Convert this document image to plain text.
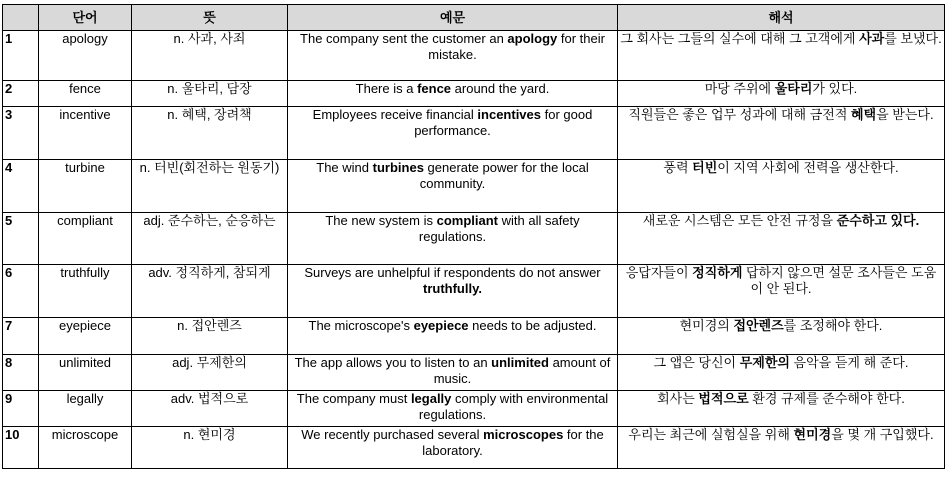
	단어	뜻	예문	해석
1	apology	n. 사과, 사죄	The company sent the customer an apology for their mistake.	그 회사는 그들의 실수에 대해 그 고객에게 사과를 보냈다.
2	fence	n. 울타리, 담장	There is a fence around the yard.	마당 주위에 울타리가 있다.
3	incentive	n. 혜택, 장려책	Employees receive financial incentives for good performance.	직원들은 좋은 업무 성과에 대해 금전적 혜택을 받는다.
4	turbine	n. 터빈(회전하는 원동기)	The wind turbines generate power for the local community.	풍력 터빈이 지역 사회에 전력을 생산한다.
5	compliant	adj. 준수하는, 순응하는	The new system is compliant with all safety regulations.	새로운 시스템은 모든 안전 규정을 준수하고 있다.
6	truthfully	adv. 정직하게, 참되게	Surveys are unhelpful if respondents do not answer truthfully.	응답자들이 정직하게 답하지 않으면 설문 조사들은 도움이 안 된다.
7	eyepiece	n. 접안렌즈	The microscope's eyepiece needs to be adjusted.	현미경의 접안렌즈를 조정해야 한다.
8	unlimited	adj. 무제한의	The app allows you to listen to an unlimited amount of music.	그 앱은 당신이 무제한의 음악을 듣게 해 준다.
9	legally	adv. 법적으로	The company must legally comply with environmental regulations.	회사는 법적으로 환경 규제를 준수해야 한다.
10	microscope	n. 현미경	We recently purchased several microscopes for the laboratory.	우리는 최근에 실험실을 위해 현미경을 몇 개 구입했다.
